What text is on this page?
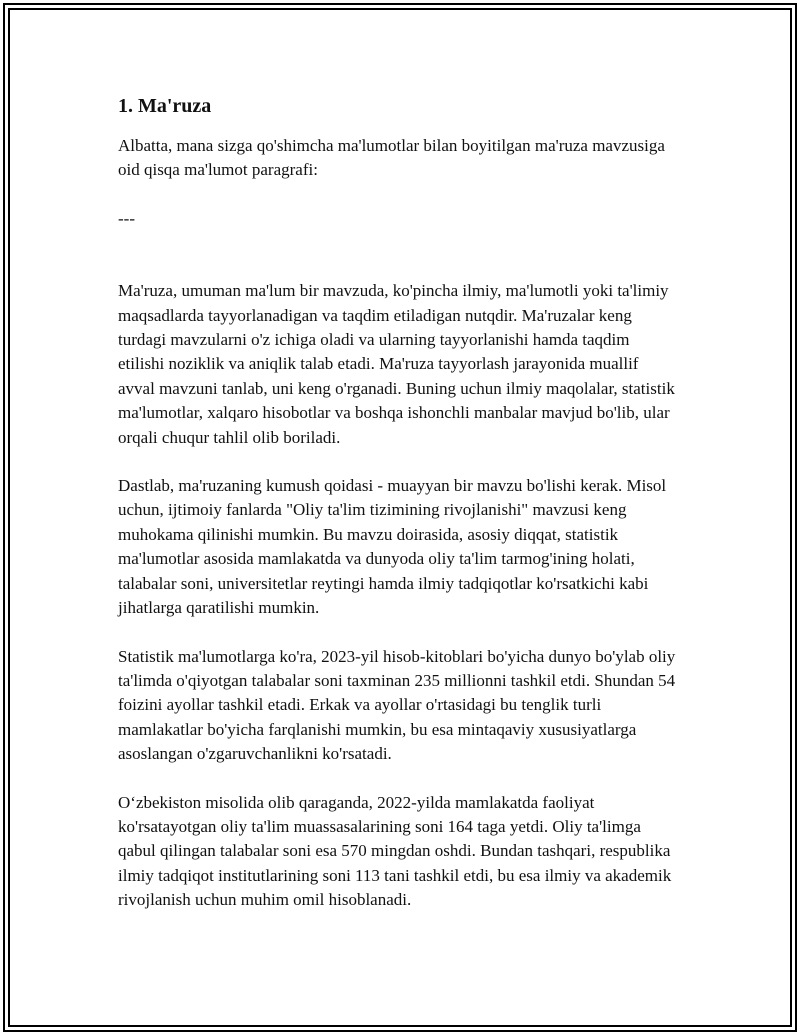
1. Ma'ruza

Albatta, mana sizga qo'shimcha ma'lumotlar bilan boyitilgan ma'ruza mavzusiga oid qisqa ma'lumot paragrafi:

---

Ma'ruza, umuman ma'lum bir mavzuda, ko'pincha ilmiy, ma'lumotli yoki ta'limiy maqsadlarda tayyorlanadigan va taqdim etiladigan nutqdir. Ma'ruzalar keng turdagi mavzularni o'z ichiga oladi va ularning tayyorlanishi hamda taqdim etilishi noziklik va aniqlik talab etadi. Ma'ruza tayyorlash jarayonida muallif avval mavzuni tanlab, uni keng o'rganadi. Buning uchun ilmiy maqolalar, statistik ma'lumotlar, xalqaro hisobotlar va boshqa ishonchli manbalar mavjud bo'lib, ular orqali chuqur tahlil olib boriladi.

Dastlab, ma'ruzaning kumush qoidasi - muayyan bir mavzu bo'lishi kerak. Misol uchun, ijtimoiy fanlarda "Oliy ta'lim tizimining rivojlanishi" mavzusi keng muhokama qilinishi mumkin. Bu mavzu doirasida, asosiy diqqat, statistik ma'lumotlar asosida mamlakatda va dunyoda oliy ta'lim tarmog'ining holati, talabalar soni, universitetlar reytingi hamda ilmiy tadqiqotlar ko'rsatkichi kabi jihatlarga qaratilishi mumkin.

Statistik ma'lumotlarga ko'ra, 2023-yil hisob-kitoblari bo'yicha dunyo bo'ylab oliy ta'limda o'qiyotgan talabalar soni taxminan 235 millionni tashkil etdi. Shundan 54 foizini ayollar tashkil etadi. Erkak va ayollar o'rtasidagi bu tenglik turli mamlakatlar bo'yicha farqlanishi mumkin, bu esa mintaqaviy xususiyatlarga asoslangan o'zgaruvchanlikni ko'rsatadi.

O‘zbekiston misolida olib qaraganda, 2022-yilda mamlakatda faoliyat ko'rsatayotgan oliy ta'lim muassasalarining soni 164 taga yetdi. Oliy ta'limga qabul qilingan talabalar soni esa 570 mingdan oshdi. Bundan tashqari, respublika ilmiy tadqiqot institutlarining soni 113 tani tashkil etdi, bu esa ilmiy va akademik rivojlanish uchun muhim omil hisoblanadi.
